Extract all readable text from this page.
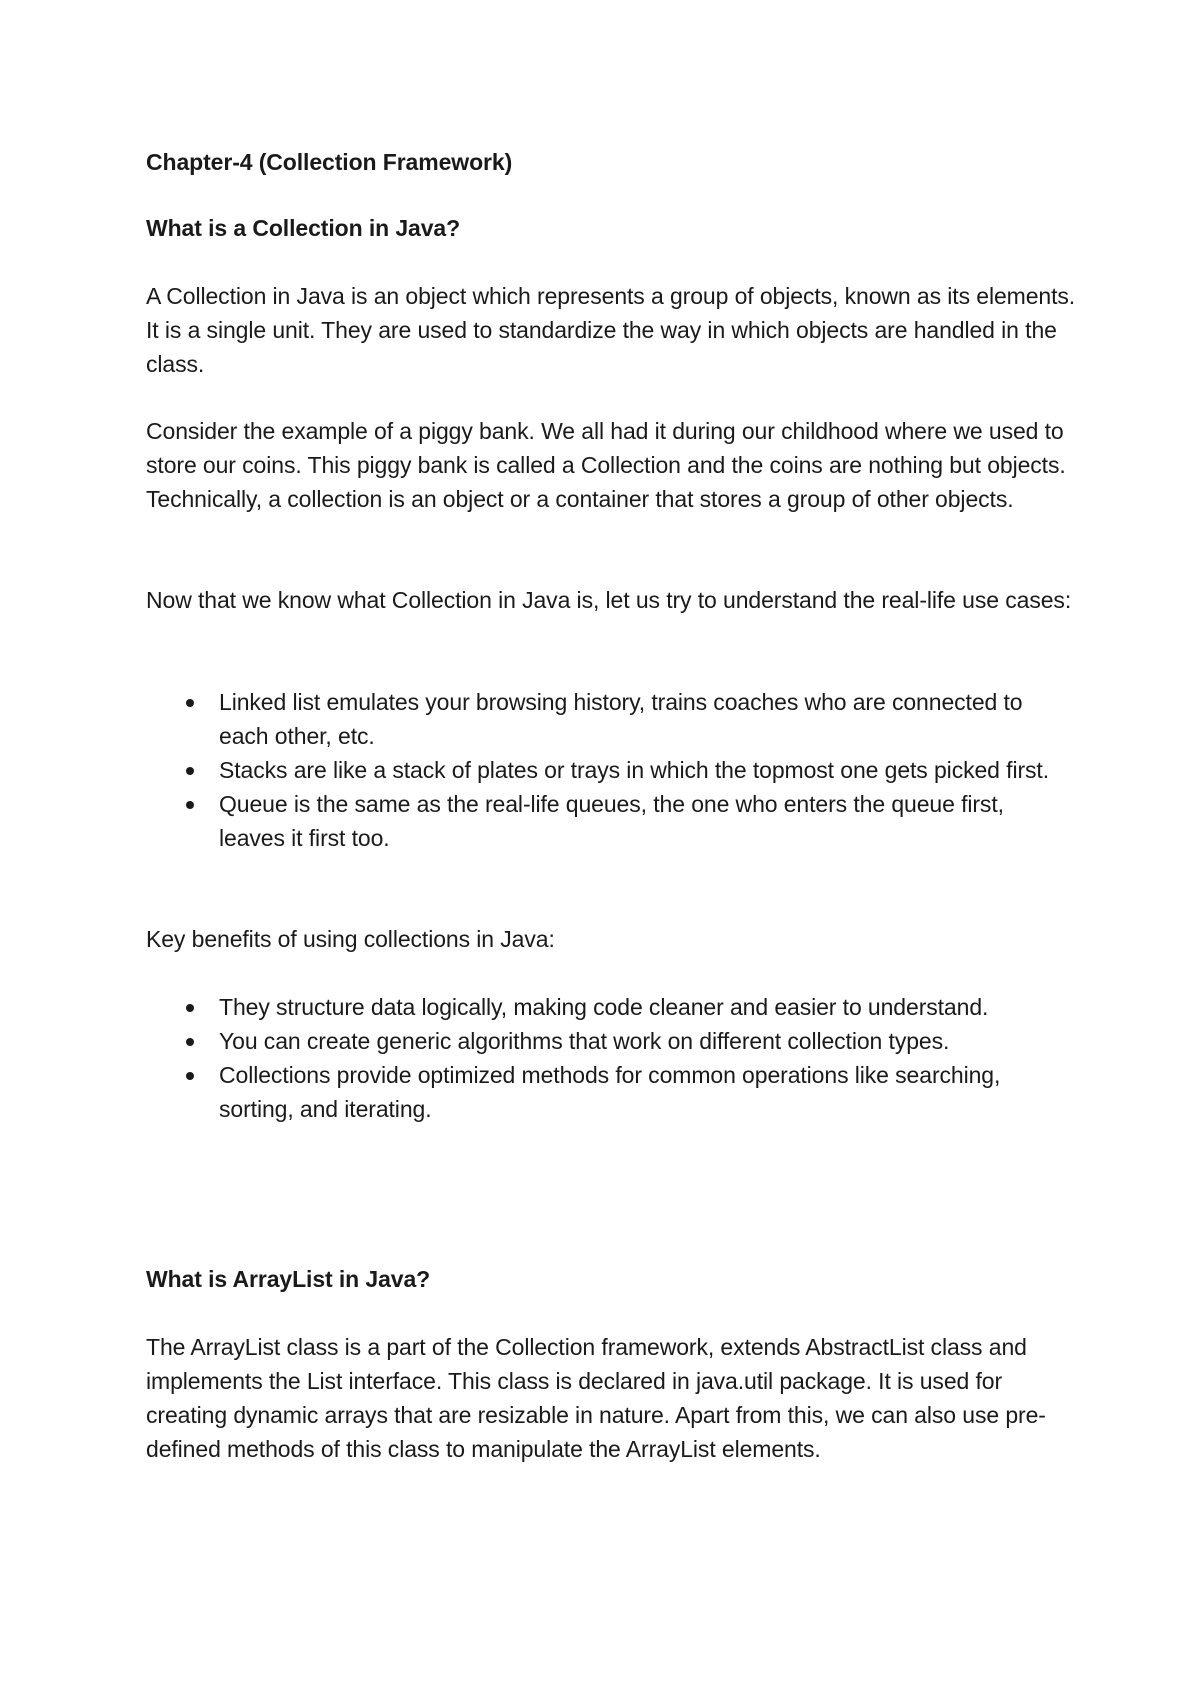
Chapter-4 (Collection Framework)

What is a Collection in Java?

A Collection in Java is an object which represents a group of objects, known as its elements. It is a single unit. They are used to standardize the way in which objects are handled in the class.

Consider the example of a piggy bank. We all had it during our childhood where we used to store our coins. This piggy bank is called a Collection and the coins are nothing but objects. Technically, a collection is an object or a container that stores a group of other objects.

Now that we know what Collection in Java is, let us try to understand the real-life use cases:

Linked list emulates your browsing history, trains coaches who are connected to each other, etc.
Stacks are like a stack of plates or trays in which the topmost one gets picked first.
Queue is the same as the real-life queues, the one who enters the queue first, leaves it first too.

Key benefits of using collections in Java:

They structure data logically, making code cleaner and easier to understand.
You can create generic algorithms that work on different collection types.
Collections provide optimized methods for common operations like searching, sorting, and iterating.

What is ArrayList in Java?

The ArrayList class is a part of the Collection framework, extends AbstractList class and implements the List interface. This class is declared in java.util package. It is used for creating dynamic arrays that are resizable in nature. Apart from this, we can also use pre-defined methods of this class to manipulate the ArrayList elements.
